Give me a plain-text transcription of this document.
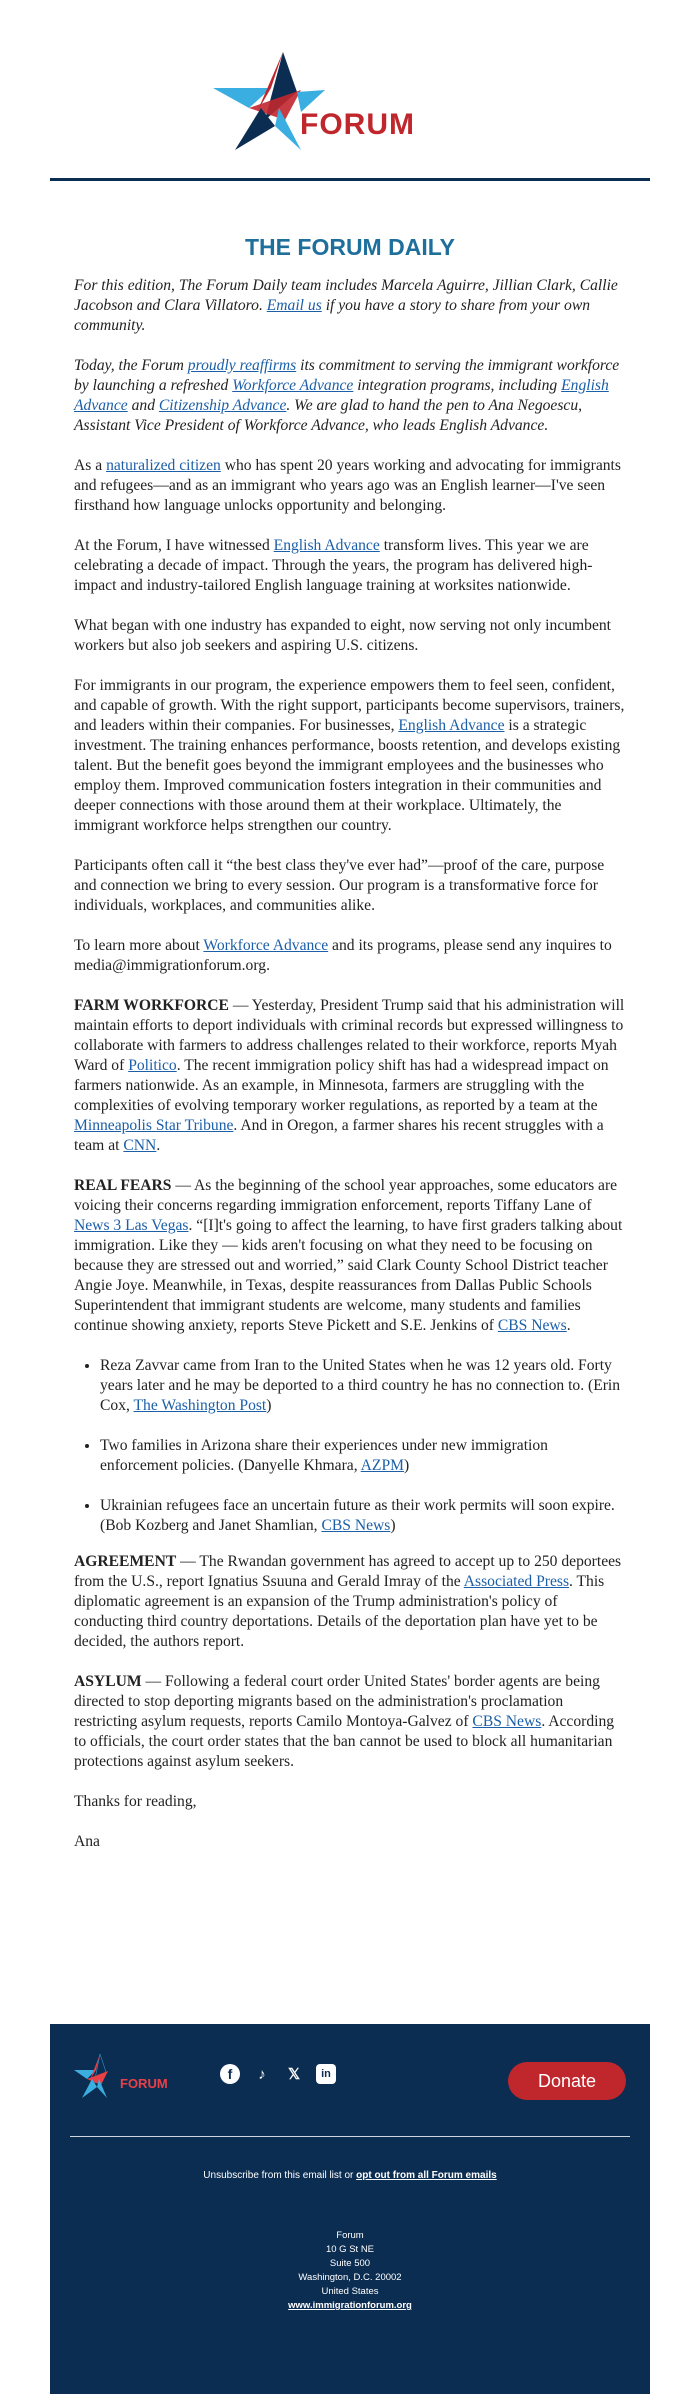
FORUM
THE FORUM DAILY

For this edition, The Forum Daily team includes Marcela Aguirre, Jillian Clark, Callie Jacobson and Clara Villatoro. Email us if you have a story to share from your own community.

Today, the Forum proudly reaffirms its commitment to serving the immigrant workforce by launching a refreshed Workforce Advance integration programs, including English Advance and Citizenship Advance. We are glad to hand the pen to Ana Negoescu, Assistant Vice President of Workforce Advance, who leads English Advance.

As a naturalized citizen who has spent 20 years working and advocating for immigrants and refugees—and as an immigrant who years ago was an English learner—I've seen firsthand how language unlocks opportunity and belonging.

At the Forum, I have witnessed English Advance transform lives. This year we are celebrating a decade of impact. Through the years, the program has delivered high-impact and industry-tailored English language training at worksites nationwide.

What began with one industry has expanded to eight, now serving not only incumbent workers but also job seekers and aspiring U.S. citizens.

For immigrants in our program, the experience empowers them to feel seen, confident, and capable of growth. With the right support, participants become supervisors, trainers, and leaders within their companies. For businesses, English Advance is a strategic investment. The training enhances performance, boosts retention, and develops existing talent. But the benefit goes beyond the immigrant employees and the businesses who employ them. Improved communication fosters integration in their communities and deeper connections with those around them at their workplace. Ultimately, the immigrant workforce helps strengthen our country.

Participants often call it “the best class they've ever had”—proof of the care, purpose and connection we bring to every session. Our program is a transformative force for individuals, workplaces, and communities alike.

To learn more about Workforce Advance and its programs, please send any inquires to media@immigrationforum.org.

FARM WORKFORCE — Yesterday, President Trump said that his administration will maintain efforts to deport individuals with criminal records but expressed willingness to collaborate with farmers to address challenges related to their workforce, reports Myah Ward of Politico. The recent immigration policy shift has had a widespread impact on farmers nationwide. As an example, in Minnesota, farmers are struggling with the complexities of evolving temporary worker regulations, as reported by a team at the Minneapolis Star Tribune. And in Oregon, a farmer shares his recent struggles with a team at CNN.

REAL FEARS — As the beginning of the school year approaches, some educators are voicing their concerns regarding immigration enforcement, reports Tiffany Lane of News 3 Las Vegas. “[I]t's going to affect the learning, to have first graders talking about immigration. Like they — kids aren't focusing on what they need to be focusing on because they are stressed out and worried,” said Clark County School District teacher Angie Joye. Meanwhile, in Texas, despite reassurances from Dallas Public Schools Superintendent that immigrant students are welcome, many students and families continue showing anxiety, reports Steve Pickett and S.E. Jenkins of CBS News.

• Reza Zavvar came from Iran to the United States when he was 12 years old. Forty years later and he may be deported to a third country he has no connection to. (Erin Cox, The Washington Post)
• Two families in Arizona share their experiences under new immigration enforcement policies. (Danyelle Khmara, AZPM)
• Ukrainian refugees face an uncertain future as their work permits will soon expire. (Bob Kozberg and Janet Shamlian, CBS News)

AGREEMENT — The Rwandan government has agreed to accept up to 250 deportees from the U.S., report Ignatius Ssuuna and Gerald Imray of the Associated Press. This diplomatic agreement is an expansion of the Trump administration's policy of conducting third country deportations. Details of the deportation plan have yet to be decided, the authors report.

ASYLUM — Following a federal court order United States' border agents are being directed to stop deporting migrants based on the administration's proclamation restricting asylum requests, reports Camilo Montoya-Galvez of CBS News. According to officials, the court order states that the ban cannot be used to block all humanitarian protections against asylum seekers.

Thanks for reading,

Ana

FORUM
f	♪	𝕏	in	Donate
Unsubscribe from this email list or opt out from all Forum emails
Forum
10 G St NE
Suite 500
Washington, D.C. 20002
United States
www.immigrationforum.org
